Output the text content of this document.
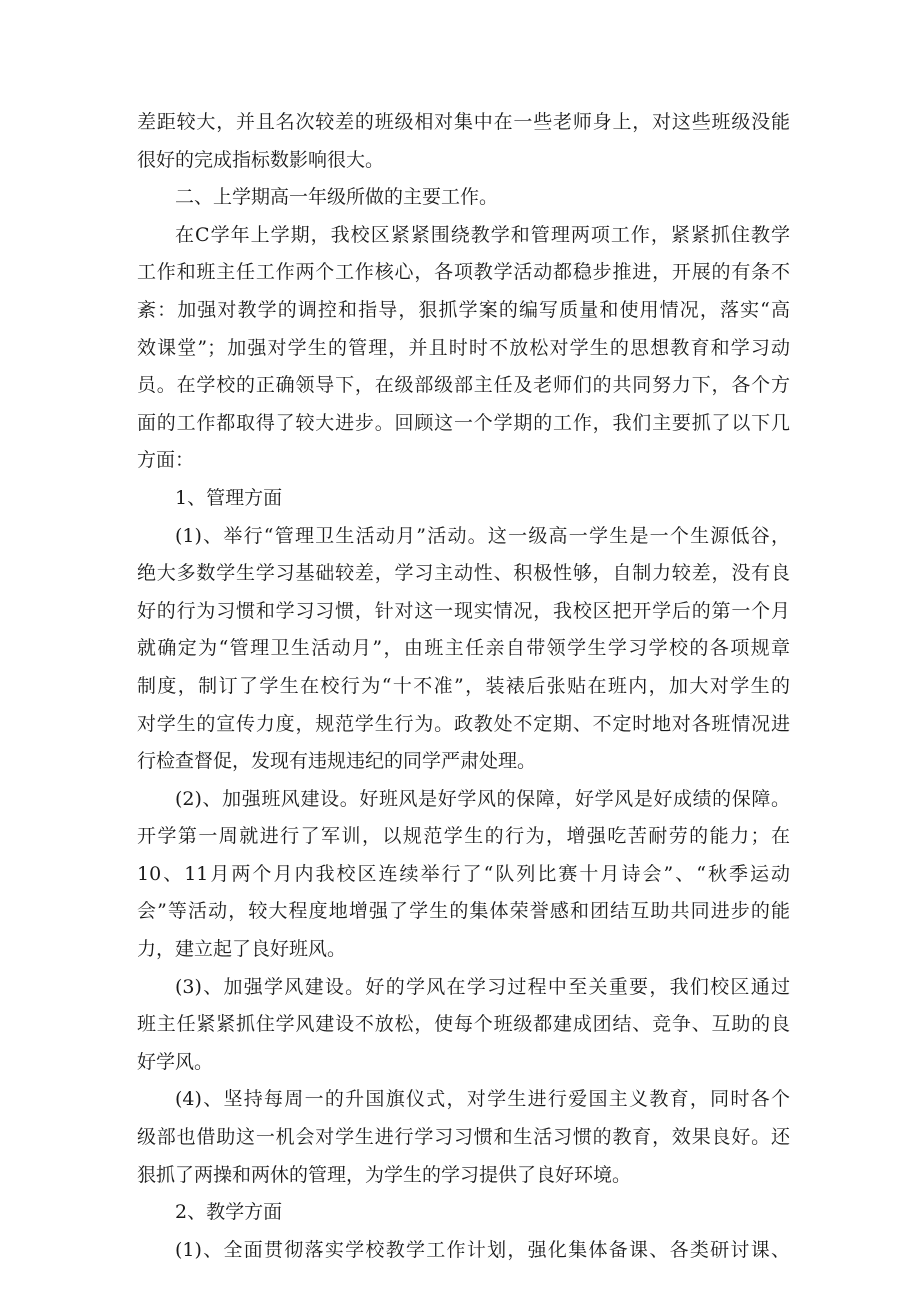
差距较大，并且名次较差的班级相对集中在一些老师身上，对这些班级没能
很好的完成指标数影响很大。
二、上学期高一年级所做的主要工作。
在C学年上学期，我校区紧紧围绕教学和管理两项工作，紧紧抓住教学
工作和班主任工作两个工作核心，各项教学活动都稳步推进，开展的有条不
紊：加强对教学的调控和指导，狠抓学案的编写质量和使用情况，落实“高
效课堂”；加强对学生的管理，并且时时不放松对学生的思想教育和学习动
员。在学校的正确领导下，在级部级部主任及老师们的共同努力下，各个方
面的工作都取得了较大进步。回顾这一个学期的工作，我们主要抓了以下几
方面：
1、管理方面
(1)、举行“管理卫生活动月”活动。这一级高一学生是一个生源低谷，
绝大多数学生学习基础较差，学习主动性、积极性够，自制力较差，没有良
好的行为习惯和学习习惯，针对这一现实情况，我校区把开学后的第一个月
就确定为“管理卫生活动月”，由班主任亲自带领学生学习学校的各项规章
制度，制订了学生在校行为“十不准”，装裱后张贴在班内，加大对学生的
对学生的宣传力度，规范学生行为。政教处不定期、不定时地对各班情况进
行检查督促，发现有违规违纪的同学严肃处理。
(2)、加强班风建设。好班风是好学风的保障，好学风是好成绩的保障。
开学第一周就进行了军训，以规范学生的行为，增强吃苦耐劳的能力；在
10、11月两个月内我校区连续举行了“队列比赛十月诗会”、“秋季运动
会”等活动，较大程度地增强了学生的集体荣誉感和团结互助共同进步的能
力，建立起了良好班风。
(3)、加强学风建设。好的学风在学习过程中至关重要，我们校区通过
班主任紧紧抓住学风建设不放松，使每个班级都建成团结、竞争、互助的良
好学风。
(4)、坚持每周一的升国旗仪式，对学生进行爱国主义教育，同时各个
级部也借助这一机会对学生进行学习习惯和生活习惯的教育，效果良好。还
狠抓了两操和两休的管理，为学生的学习提供了良好环境。
2、教学方面
(1)、全面贯彻落实学校教学工作计划，强化集体备课、各类研讨课、
